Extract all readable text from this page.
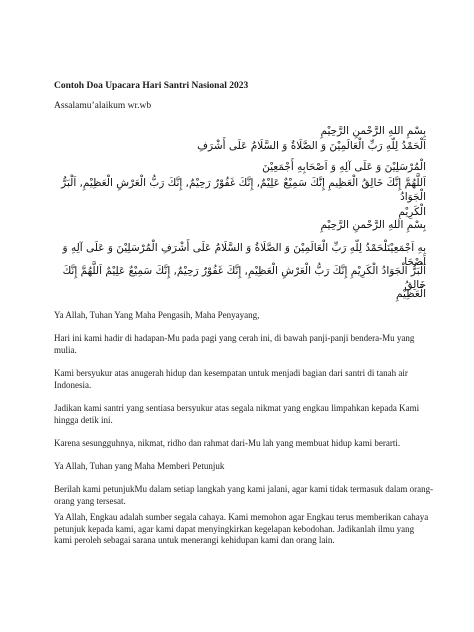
Contoh Doa Upacara Hari Santri Nasional 2023
Assalamu’alaikum wr.wb
بِسْمِ اللهِ الرَّحْمنِ الرَّحِيْمِ
اَلْحَمْدُ لِلّهِ رَبِّ الْعَالَمِيْنَ وَ الصَّلَاةُ وَ السَّلَامُ عَلَى أَشْرَفِ
الْمُرْسَلِيْنَ وَ عَلَى آلِهِ وَ اَصْحَابِهِ أَجْمَعِيْنَ
اَللَّهُمَّ إِنَّكَ خَالِقُ الْعَظِيمِ إِنَّكَ سَمِيْعٌ عَلِيْمٌ, إِنَّكَ غَفُوْرٌ رَحِيْمٌ, إِنَّكَ رَبُّ الْعَرْشِ الْعَظِيْمِ, اَلْبَرُّ الْجَوَادُ
الْكَرِيْمِ
بِسْمِ اللهِ الرَّحْمنِ الرَّحِيْمِ
بِهِ اَجْمَعِيْنَلْحَمْدُ لِلّهِ رَبِّ الْعَالَمِيْنَ وَ الصَّلَاةُ وَ السَّلَامُ عَلَى أَشْرَفِ الْمُرْسَلِيْنَ وَ عَلَى آلِهِ وَ اَصْحَا
اَلْبَرُّ الْجَوَادُ الْكَرِيْمِ إِنَّكَ رَبُّ الْعَرْشِ الْعَظِيْمِ, إِنَّكَ غَفُوْرٌ رَحِيْمٌ, إِنَّكَ سَمِيْعٌ عَلِيْمٌ اَللَّهُمَّ إِنَّكَ خَالِقُ
الْعَظِيْمِ
Ya Allah, Tuhan Yang Maha Pengasih, Maha Penyayang,
Hari ini kami hadir di hadapan-Mu pada pagi yang cerah ini, di bawah panji-panji bendera-Mu yang mulia.
Kami bersyukur atas anugerah hidup dan kesempatan untuk menjadi bagian dari santri di tanah air Indonesia.
Jadikan kami santri yang sentiasa bersyukur atas segala nikmat yang engkau limpahkan kepada Kami hingga detik ini.
Karena sesungguhnya, nikmat, ridho dan rahmat dari-Mu lah yang membuat hidup kami berarti.
Ya Allah, Tuhan yang Maha Memberi Petunjuk
Berilah kami petunjukMu dalam setiap langkah yang kami jalani, agar kami tidak termasuk dalam orang-orang yang tersesat.
Ya Allah, Engkau adalah sumber segala cahaya. Kami memohon agar Engkau terus memberikan cahaya petunjuk kepada kami, agar kami dapat menyingkirkan kegelapan kebodohan. Jadikanlah ilmu yang kami peroleh sebagai sarana untuk menerangi kehidupan kami dan orang lain.
